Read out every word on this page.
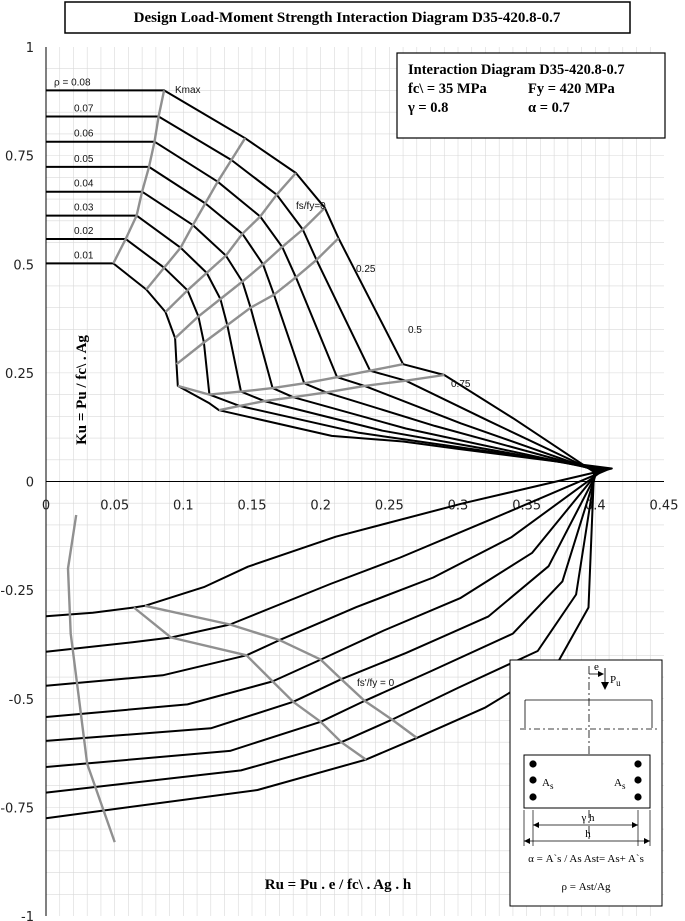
Design Load-Moment Strength Interaction Diagram D35-420.8-0.7
0	0.05	0.1	0.15	0.2	0.25	0.3	0.35	0.4	0.45
1
0.75
0.5
0.25
0
-0.25
-0.5
-0.75
-1
ρ = 0.08
0.07
0.06
0.05
0.04
0.03
0.02
0.01
Interaction Diagram D35-420.8-0.7
fc\ = 35 MPa	Fy = 420 MPa
γ = 0.8	α = 0.7
Kmax
fs/fy=0
0.25
0.5
0.75
fs'/fy = 0
Ku = Pu / fc\ . Ag
Ru = Pu . e / fc\ . Ag . h
e
$P_u$
$A_s$	$A_s$
γ h
h
α = A`s / As Ast= As+ A`s
ρ = Ast/Ag
